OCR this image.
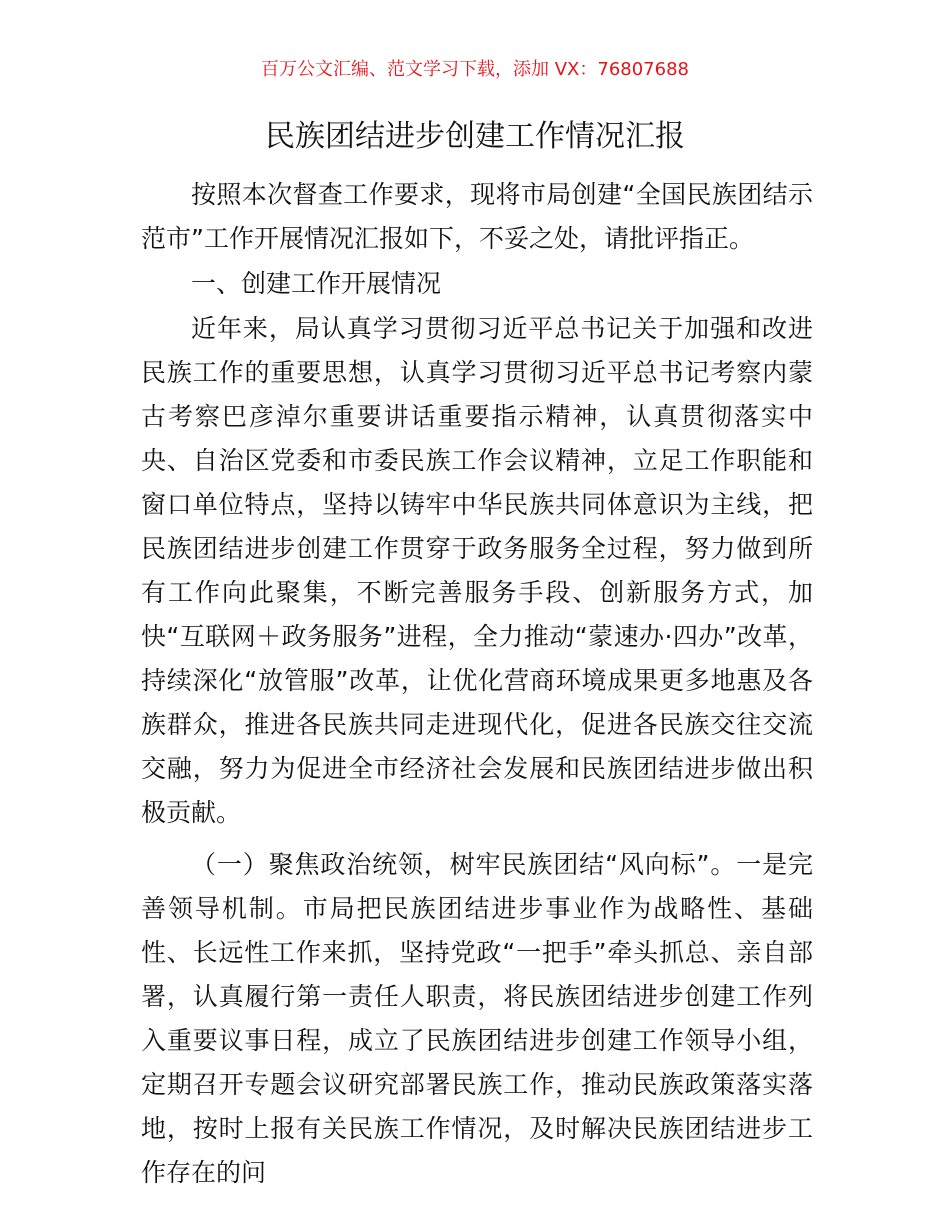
百万公文汇编、范文学习下载，添加 VX：76807688
民族团结进步创建工作情况汇报

按照本次督查工作要求，现将市局创建“全国民族团结示范市”工作开展情况汇报如下，不妥之处，请批评指正。

一、创建工作开展情况

近年来，局认真学习贯彻习近平总书记关于加强和改进民族工作的重要思想，认真学习贯彻习近平总书记考察内蒙古考察巴彦淖尔重要讲话重要指示精神，认真贯彻落实中央、自治区党委和市委民族工作会议精神，立足工作职能和窗口单位特点，坚持以铸牢中华民族共同体意识为主线，把民族团结进步创建工作贯穿于政务服务全过程，努力做到所有工作向此聚集，不断完善服务手段、创新服务方式，加快“互联网＋政务服务”进程，全力推动“蒙速办·四办”改革，持续深化“放管服”改革，让优化营商环境成果更多地惠及各族群众，推进各民族共同走进现代化，促进各民族交往交流交融，努力为促进全市经济社会发展和民族团结进步做出积极贡献。

（一）聚焦政治统领，树牢民族团结“风向标”。一是完善领导机制。市局把民族团结进步事业作为战略性、基础性、长远性工作来抓，坚持党政“一把手”牵头抓总、亲自部署，认真履行第一责任人职责，将民族团结进步创建工作列入重要议事日程，成立了民族团结进步创建工作领导小组，定期召开专题会议研究部署民族工作，推动民族政策落实落地，按时上报有关民族工作情况，及时解决民族团结进步工作存在的问
